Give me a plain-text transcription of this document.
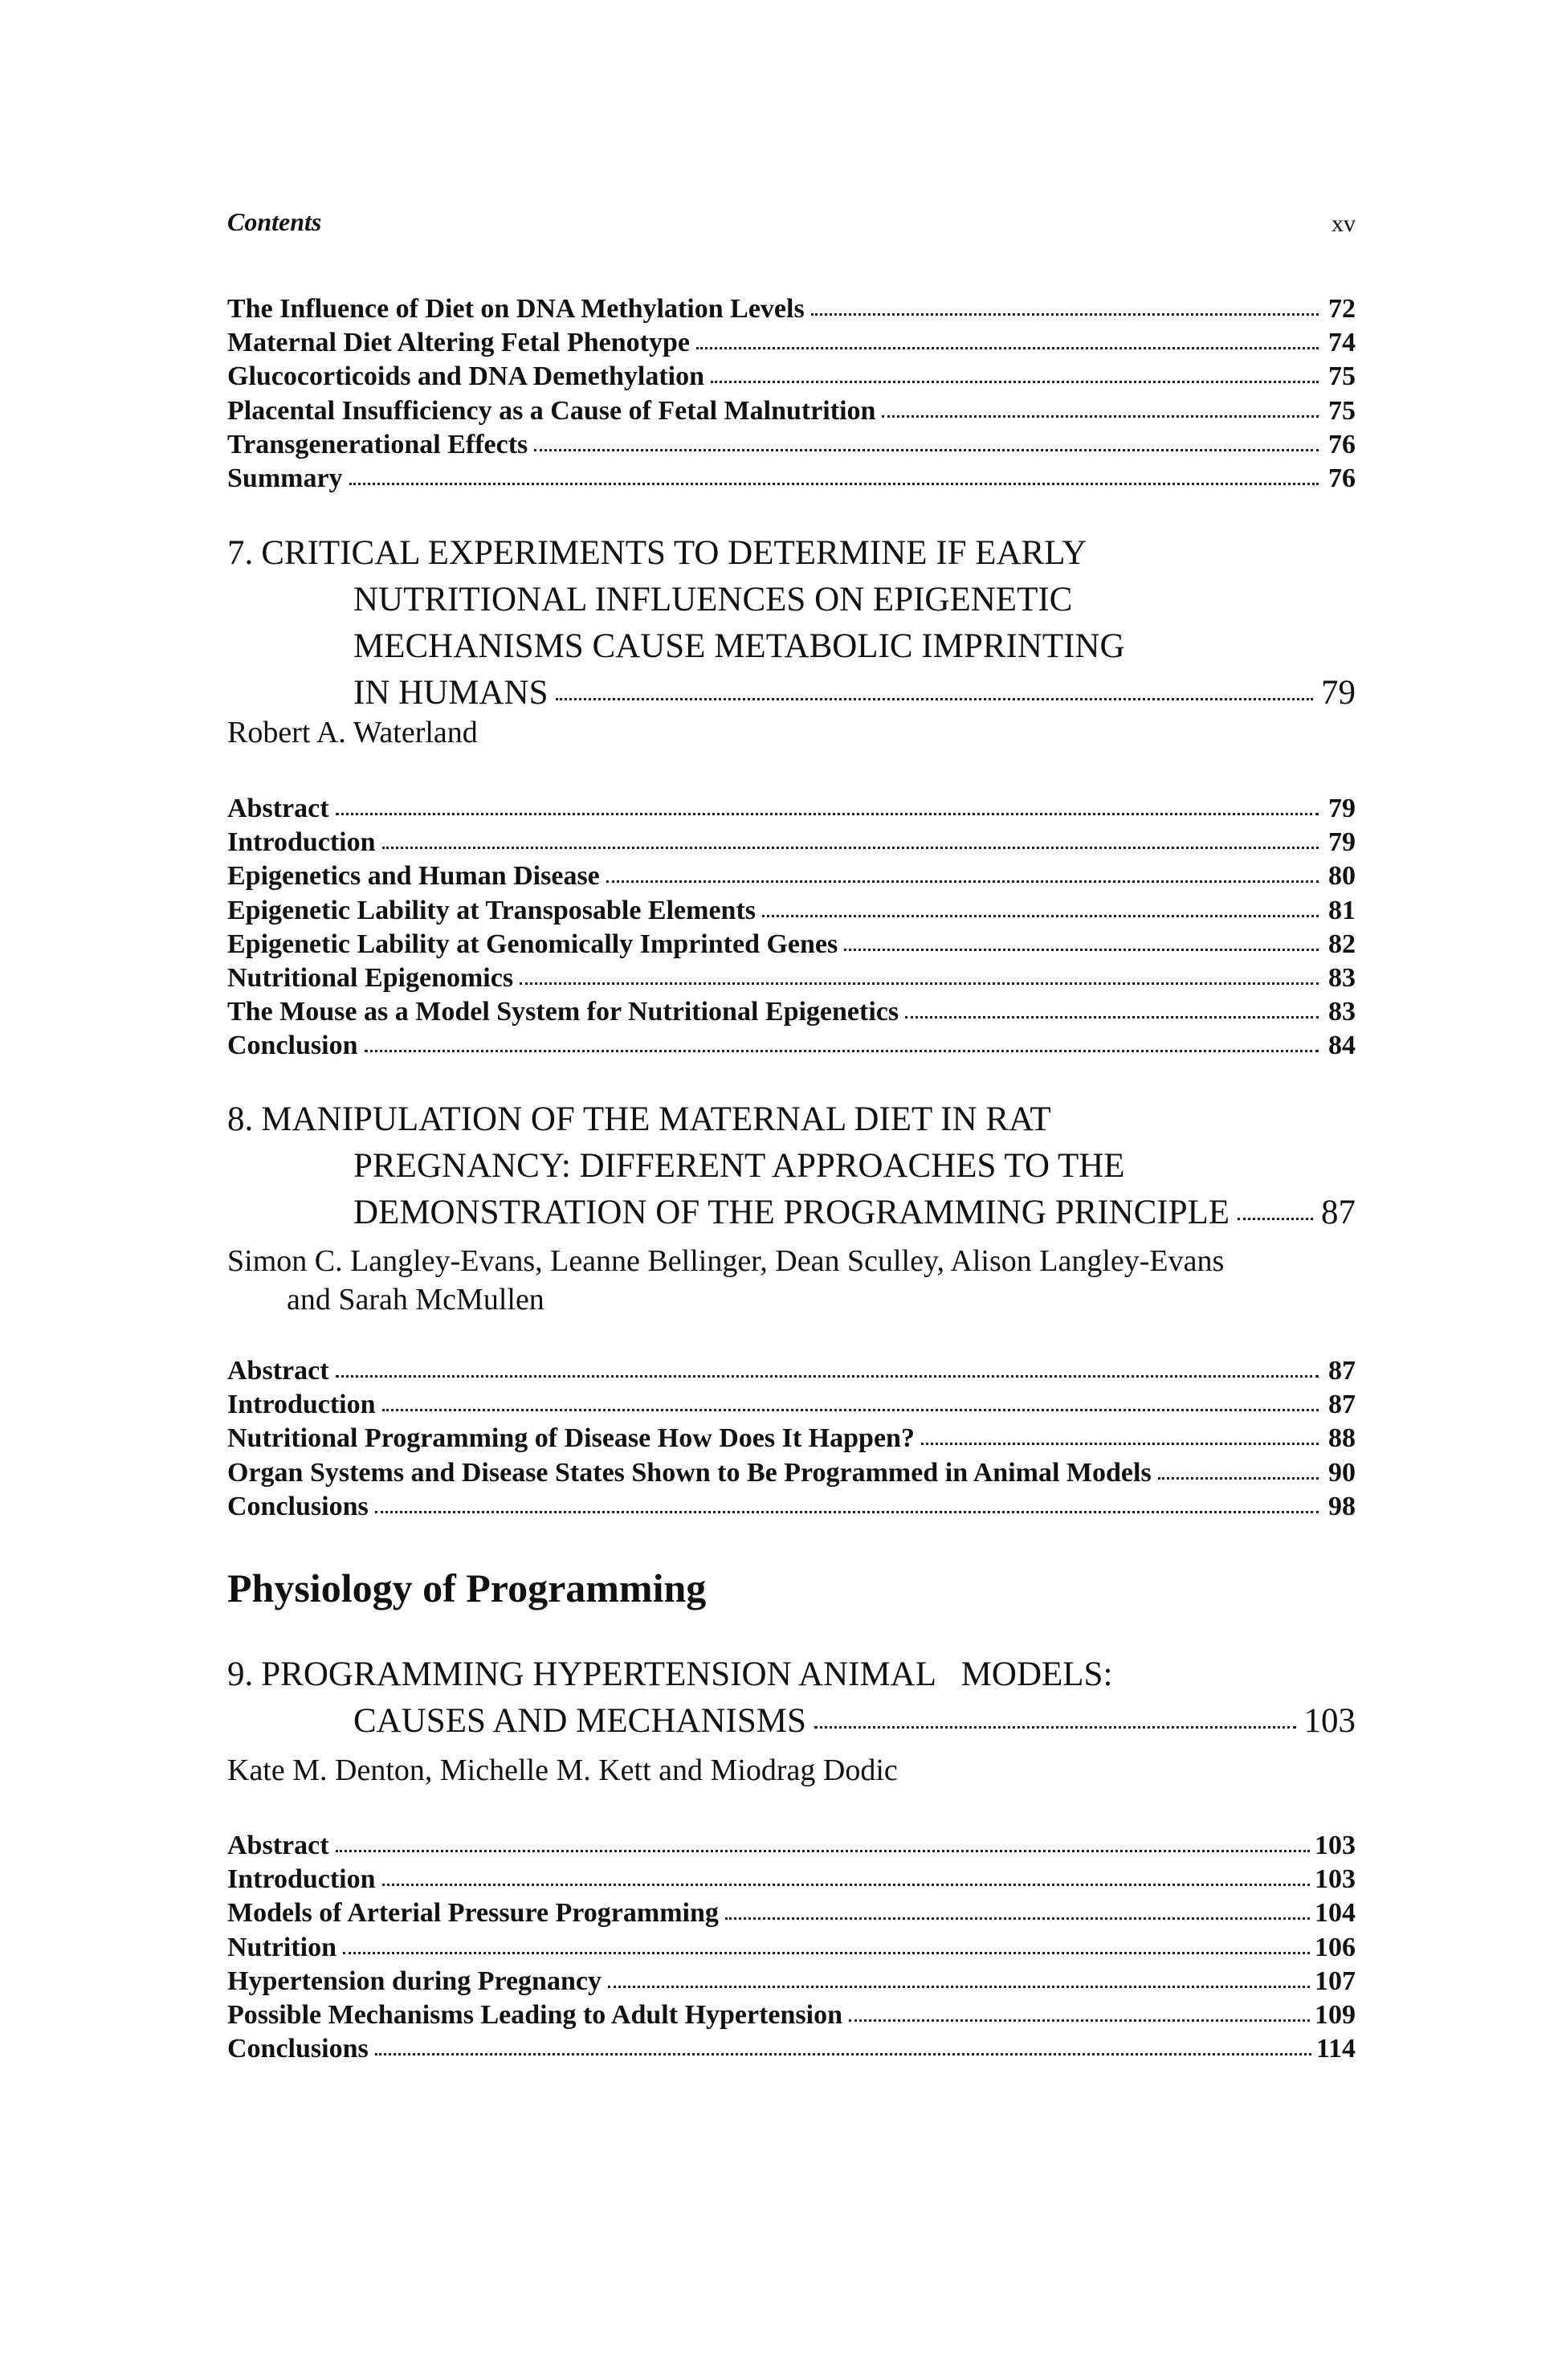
Contents	xv
The Influence of Diet on DNA Methylation Levels	72
Maternal Diet Altering Fetal Phenotype	74
Glucocorticoids and DNA Demethylation	75
Placental Insufficiency as a Cause of Fetal Malnutrition	75
Transgenerational Effects	76
Summary	76
7. CRITICAL EXPERIMENTS TO DETERMINE IF EARLY
NUTRITIONAL INFLUENCES ON EPIGENETIC
MECHANISMS CAUSE METABOLIC IMPRINTING
IN HUMANS	79
Robert A. Waterland
Abstract	79
Introduction	79
Epigenetics and Human Disease	80
Epigenetic Lability at Transposable Elements	81
Epigenetic Lability at Genomically Imprinted Genes	82
Nutritional Epigenomics	83
The Mouse as a Model System for Nutritional Epigenetics	83
Conclusion	84
8. MANIPULATION OF THE MATERNAL DIET IN RAT
PREGNANCY: DIFFERENT APPROACHES TO THE
DEMONSTRATION OF THE PROGRAMMING PRINCIPLE	87
Simon C. Langley-Evans, Leanne Bellinger, Dean Sculley, Alison Langley-Evans
and Sarah McMullen
Abstract	87
Introduction	87
Nutritional Programming of Disease How Does It Happen?	88
Organ Systems and Disease States Shown to Be Programmed in Animal Models	90
Conclusions	98
Physiology of Programming
9. PROGRAMMING HYPERTENSION ANIMAL   MODELS:
CAUSES AND MECHANISMS	103
Kate M. Denton, Michelle M. Kett and Miodrag Dodic
Abstract	103
Introduction	103
Models of Arterial Pressure Programming	104
Nutrition	106
Hypertension during Pregnancy	107
Possible Mechanisms Leading to Adult Hypertension	109
Conclusions	114
